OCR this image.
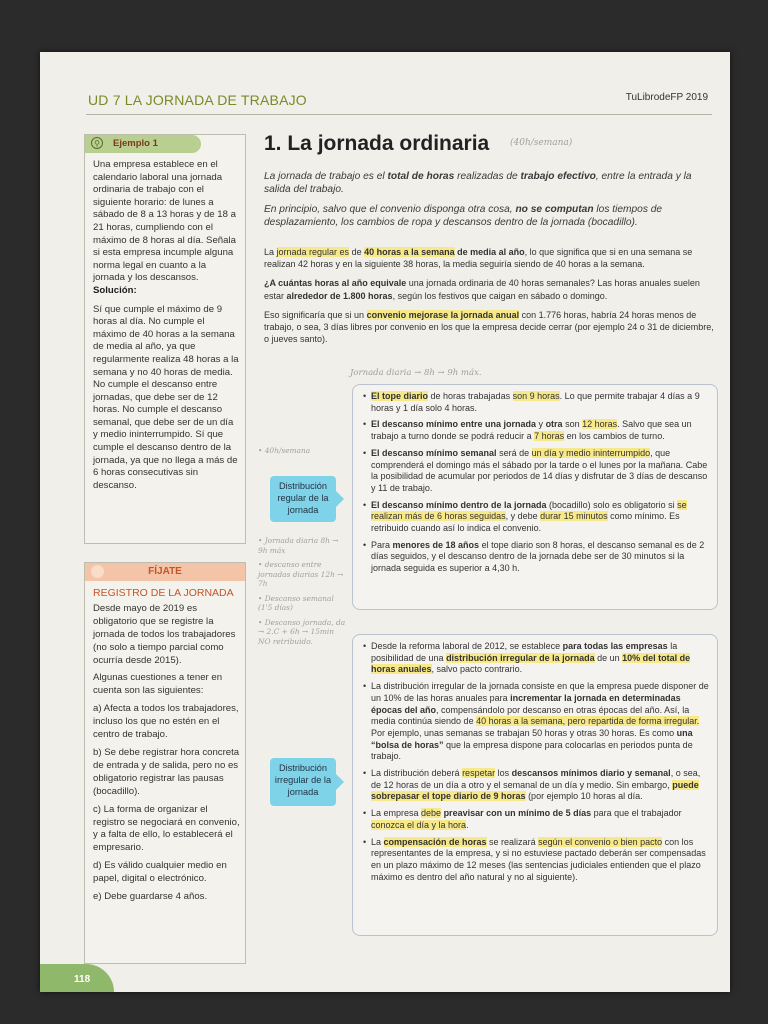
UD 7 LA JORNADA DE TRABAJO	TuLibrodeFP 2019
⚲	Ejemplo 1

Una empresa establece en el calendario laboral una jornada ordinaria de trabajo con el siguiente horario: de lunes a sábado de 8 a 13 horas y de 18 a 21 horas, cumpliendo con el máximo de 8 horas al día. Señala si esta empresa incumple alguna norma legal en cuanto a la jornada y los descansos.

Solución:

Sí que cumple el máximo de 9 horas al día. No cumple el máximo de 40 horas a la semana de media al año, ya que regularmente realiza 48 horas a la semana y no 40 horas de media. No cumple el descanso entre jornadas, que debe ser de 12 horas. No cumple el descanso semanal, que debe ser de un día y medio ininterrumpido. Sí que cumple el descanso dentro de la jornada, ya que no llega a más de 6 horas consecutivas sin descanso.

FÍJATE

REGISTRO DE LA JORNADA

Desde mayo de 2019 es obligatorio que se registre la jornada de todos los trabajadores (no solo a tiempo parcial como ocurría desde 2015).

Algunas cuestiones a tener en cuenta son las siguientes:

a) Afecta a todos los trabajadores, incluso los que no estén en el centro de trabajo.

b) Se debe registrar hora concreta de entrada y de salida, pero no es obligatorio registrar las pausas (bocadillo).

c) La forma de organizar el registro se negociará en convenio, y a falta de ello, lo establecerá el empresario.

d) Es válido cualquier medio en papel, digital o electrónico.

e) Debe guardarse 4 años.

1. La jornada ordinaria (40h/semana)

La jornada de trabajo es el total de horas realizadas de trabajo efectivo, entre la entrada y la salida del trabajo.

En principio, salvo que el convenio disponga otra cosa, no se computan los tiempos de desplazamiento, los cambios de ropa y descansos dentro de la jornada (bocadillo).

La jornada regular es de 40 horas a la semana de media al año, lo que significa que si en una semana se realizan 42 horas y en la siguiente 38 horas, la media seguiría siendo de 40 horas a la semana.

¿A cuántas horas al año equivale una jornada ordinaria de 40 horas semanales? Las horas anuales suelen estar alrededor de 1.800 horas, según los festivos que caigan en sábado o domingo.

Eso significaría que si un convenio mejorase la jornada anual con 1.776 horas, habría 24 horas menos de trabajo, o sea, 3 días libres por convenio en los que la empresa decide cerrar (por ejemplo 24 o 31 de diciembre, o jueves santo).

Jornada diaria → 8h → 9h máx.
• 40h/semana
• Jornada diaria 8h → 9h máx
• descanso entre jornadas diarias 12h → 7h
• Descanso semanal (1'5 días)
• Descanso jornada, da → 2.C + 6h → 15min NO retribuido.
Distribución regular de la jornada
• El tope diario de horas trabajadas son 9 horas. Lo que permite trabajar 4 días a 9 horas y 1 día solo 4 horas.
• El descanso mínimo entre una jornada y otra son 12 horas. Salvo que sea un trabajo a turno donde se podrá reducir a 7 horas en los cambios de turno.
• El descanso mínimo semanal será de un día y medio ininterrumpido, que comprenderá el domingo más el sábado por la tarde o el lunes por la mañana. Cabe la posibilidad de acumular por periodos de 14 días y disfrutar de 3 días de descanso y 11 de trabajo.
• El descanso mínimo dentro de la jornada (bocadillo) solo es obligatorio si se realizan más de 6 horas seguidas, y debe durar 15 minutos como mínimo. Es retribuido cuando así lo indica el convenio.
• Para menores de 18 años el tope diario son 8 horas, el descanso semanal es de 2 días seguidos, y el descanso dentro de la jornada debe ser de 30 minutos si la jornada seguida es superior a 4,30 h.
Distribución irregular de la jornada
• Desde la reforma laboral de 2012, se establece para todas las empresas la posibilidad de una distribución irregular de la jornada de un 10% del total de horas anuales, salvo pacto contrario.
• La distribución irregular de la jornada consiste en que la empresa puede disponer de un 10% de las horas anuales para incrementar la jornada en determinadas épocas del año, compensándolo por descanso en otras épocas del año. Así, la media continúa siendo de 40 horas a la semana, pero repartida de forma irregular. Por ejemplo, unas semanas se trabajan 50 horas y otras 30 horas. Es como una “bolsa de horas” que la empresa dispone para colocarlas en periodos punta de trabajo.
• La distribución deberá respetar los descansos mínimos diario y semanal, o sea, de 12 horas de un día a otro y el semanal de un día y medio. Sin embargo, puede sobrepasar el tope diario de 9 horas (por ejemplo 10 horas al día.
• La empresa debe preavisar con un mínimo de 5 días para que el trabajador conozca el día y la hora.
• La compensación de horas se realizará según el convenio o bien pacto con los representantes de la empresa, y si no estuviese pactado deberán ser compensadas en un plazo máximo de 12 meses (las sentencias judiciales entienden que el plazo máximo es dentro del año natural y no al siguiente).
118
